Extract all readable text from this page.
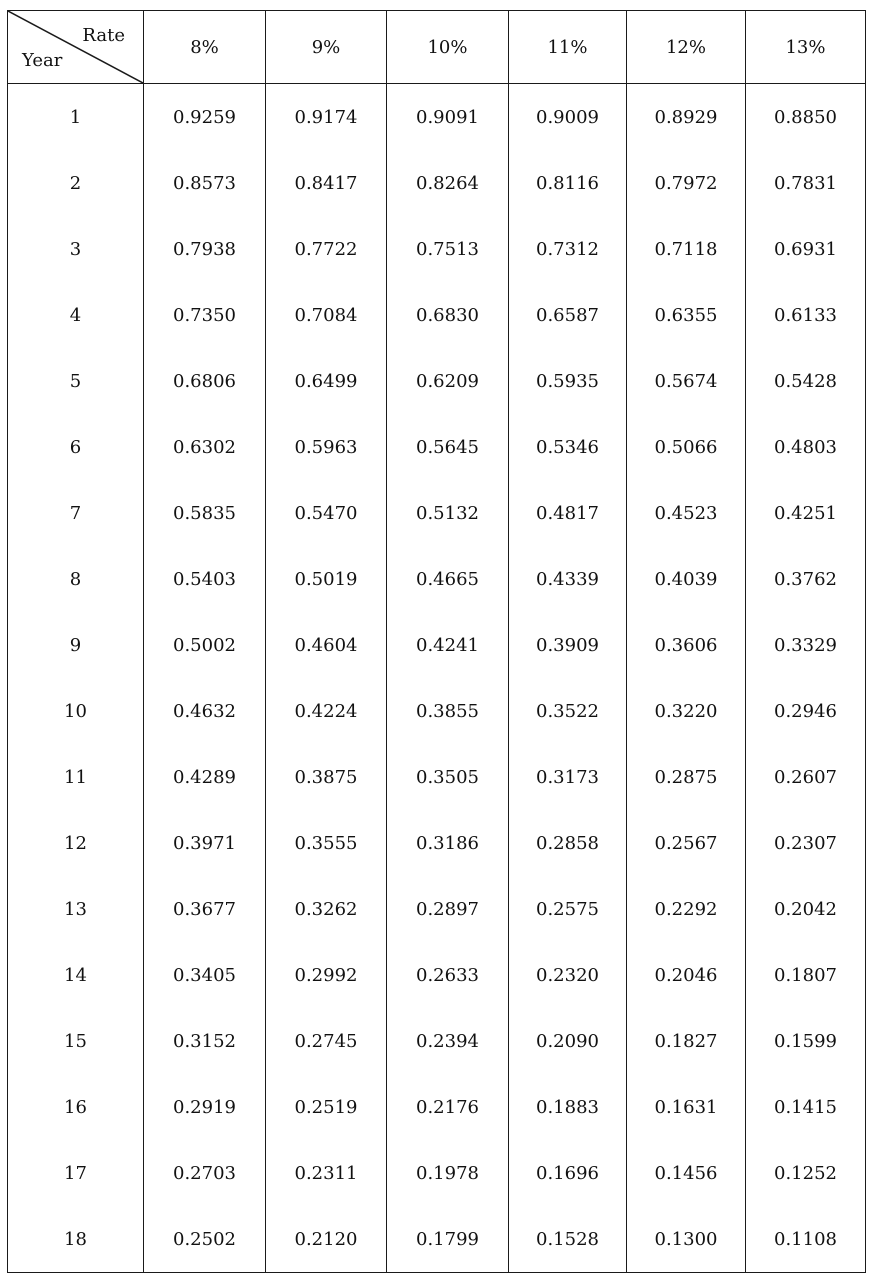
Rate
Year	8%	9%	10%	11%	12%	13%
1	0.9259	0.9174	0.9091	0.9009	0.8929	0.8850
2	0.8573	0.8417	0.8264	0.8116	0.7972	0.7831
3	0.7938	0.7722	0.7513	0.7312	0.7118	0.6931
4	0.7350	0.7084	0.6830	0.6587	0.6355	0.6133
5	0.6806	0.6499	0.6209	0.5935	0.5674	0.5428
6	0.6302	0.5963	0.5645	0.5346	0.5066	0.4803
7	0.5835	0.5470	0.5132	0.4817	0.4523	0.4251
8	0.5403	0.5019	0.4665	0.4339	0.4039	0.3762
9	0.5002	0.4604	0.4241	0.3909	0.3606	0.3329
10	0.4632	0.4224	0.3855	0.3522	0.3220	0.2946
11	0.4289	0.3875	0.3505	0.3173	0.2875	0.2607
12	0.3971	0.3555	0.3186	0.2858	0.2567	0.2307
13	0.3677	0.3262	0.2897	0.2575	0.2292	0.2042
14	0.3405	0.2992	0.2633	0.2320	0.2046	0.1807
15	0.3152	0.2745	0.2394	0.2090	0.1827	0.1599
16	0.2919	0.2519	0.2176	0.1883	0.1631	0.1415
17	0.2703	0.2311	0.1978	0.1696	0.1456	0.1252
18	0.2502	0.2120	0.1799	0.1528	0.1300	0.1108
